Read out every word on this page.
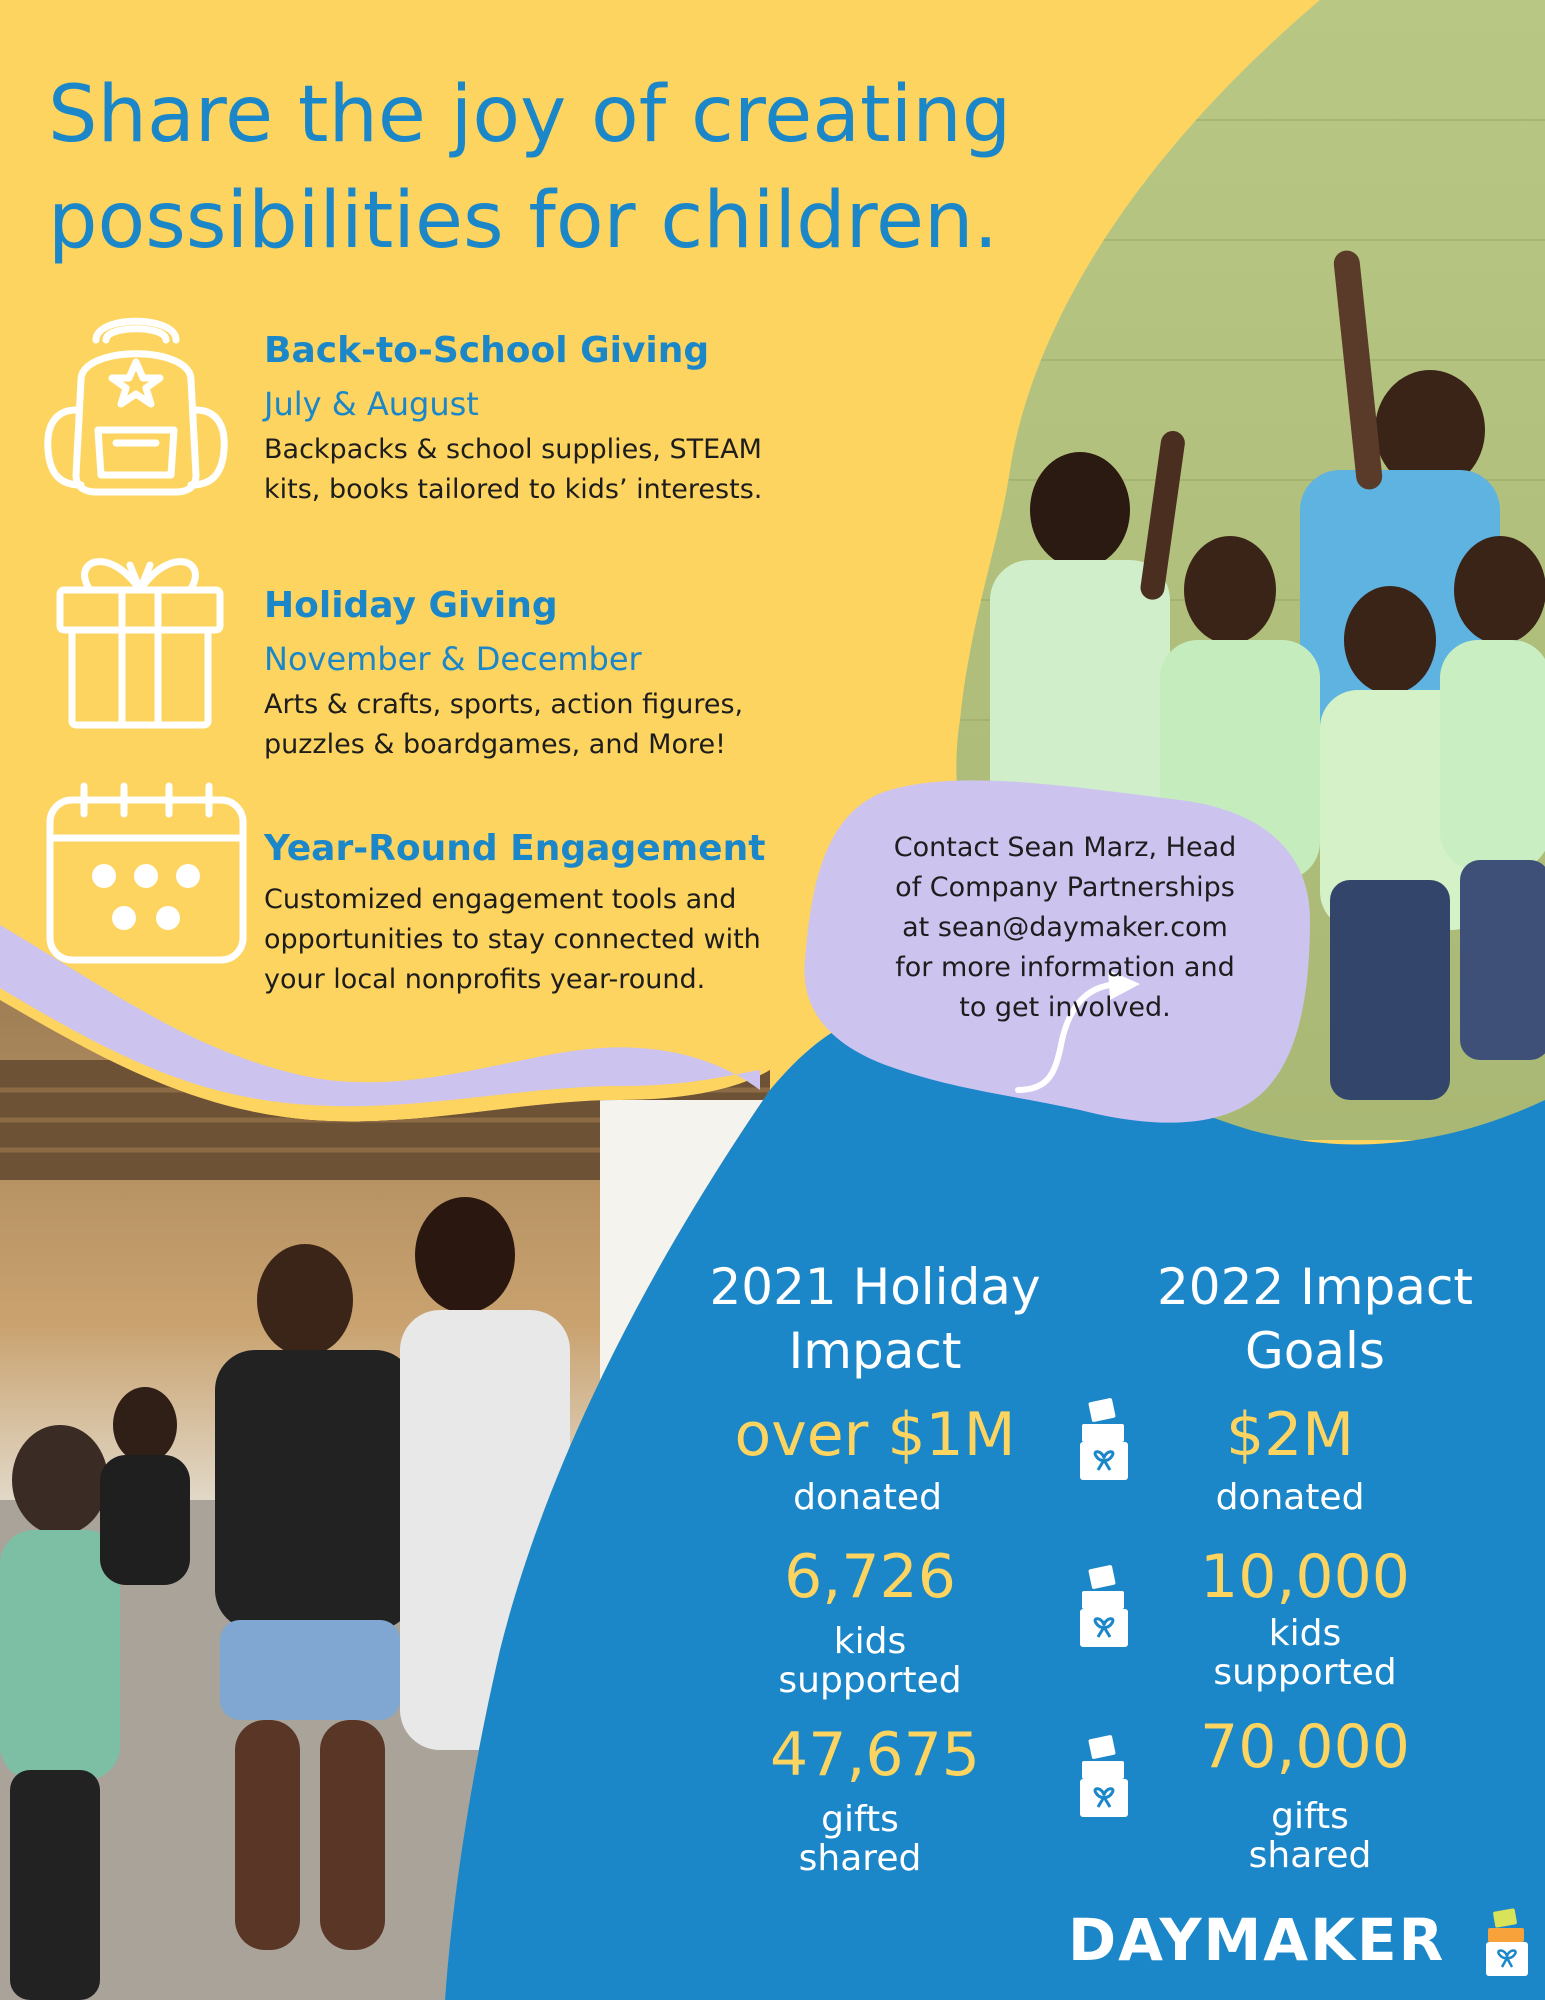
Share the joy of creating possibilities for children.
Back-to-School Giving
July & August
Backpacks & school supplies, STEAM kits, books tailored to kids’ interests.
Holiday Giving
November & December
Arts & crafts, sports, action figures, puzzles & boardgames, and More!
Year-Round Engagement
Customized engagement tools and opportunities to stay connected with your local nonprofits year-round.
Contact Sean Marz, Head of Company Partnerships at sean@daymaker.com for more information and to get involved.
2021 Holiday
Impact
2022 Impact
Goals
over $1M
donated
$2M
donated
6,726
kids
supported
10,000
kids
supported
47,675
gifts
shared
70,000
gifts
shared
DAYMAKER
